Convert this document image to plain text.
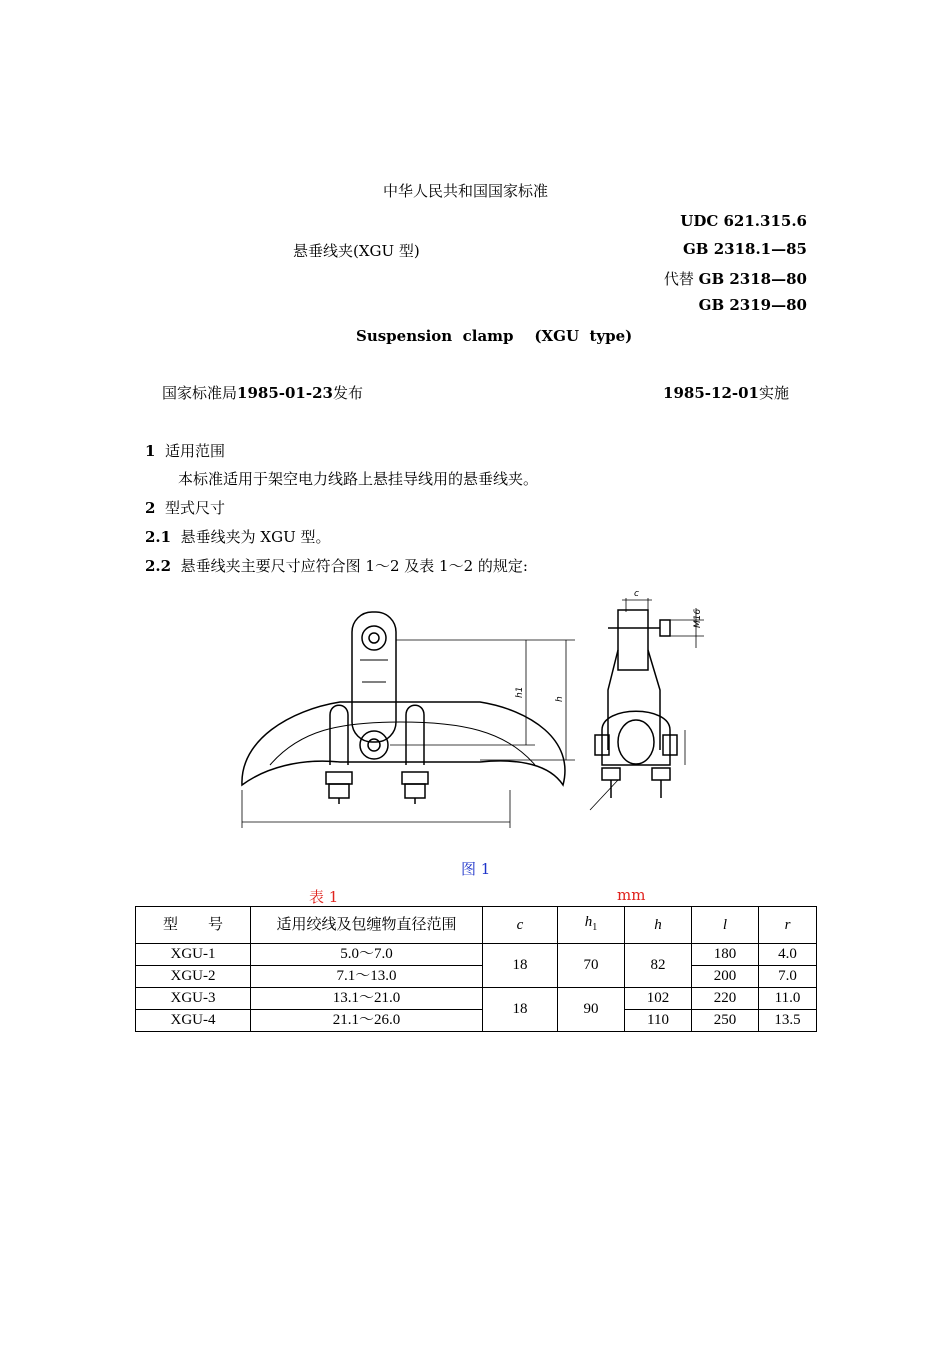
中华人民共和国国家标准
UDC 621.315.6
悬垂线夹(XGU 型)	GB 2318.1—85
代替 GB 2318—80
GB 2319—80
Suspension  clamp    (XGU  type)
国家标准局1985-01-23发布	1985-12-01实施
1 适用范围
本标准适用于架空电力线路上悬挂导线用的悬垂线夹。
2 型式尺寸
2.1 悬垂线夹为 XGU 型。
2.2 悬垂线夹主要尺寸应符合图 1～2 及表 1～2 的规定:
c
M16
h1
h
图 1
表 1	mm
型　　号	适用绞线及包缠物直径范围	c	$h_1$	h	l	r
XGU-1	5.0～7.0	18	70	82	180	4.0
XGU-2	7.1～13.0				200	7.0
XGU-3	13.1～21.0	18	90	102	220	11.0
XGU-4	21.1～26.0			110	250	13.5
